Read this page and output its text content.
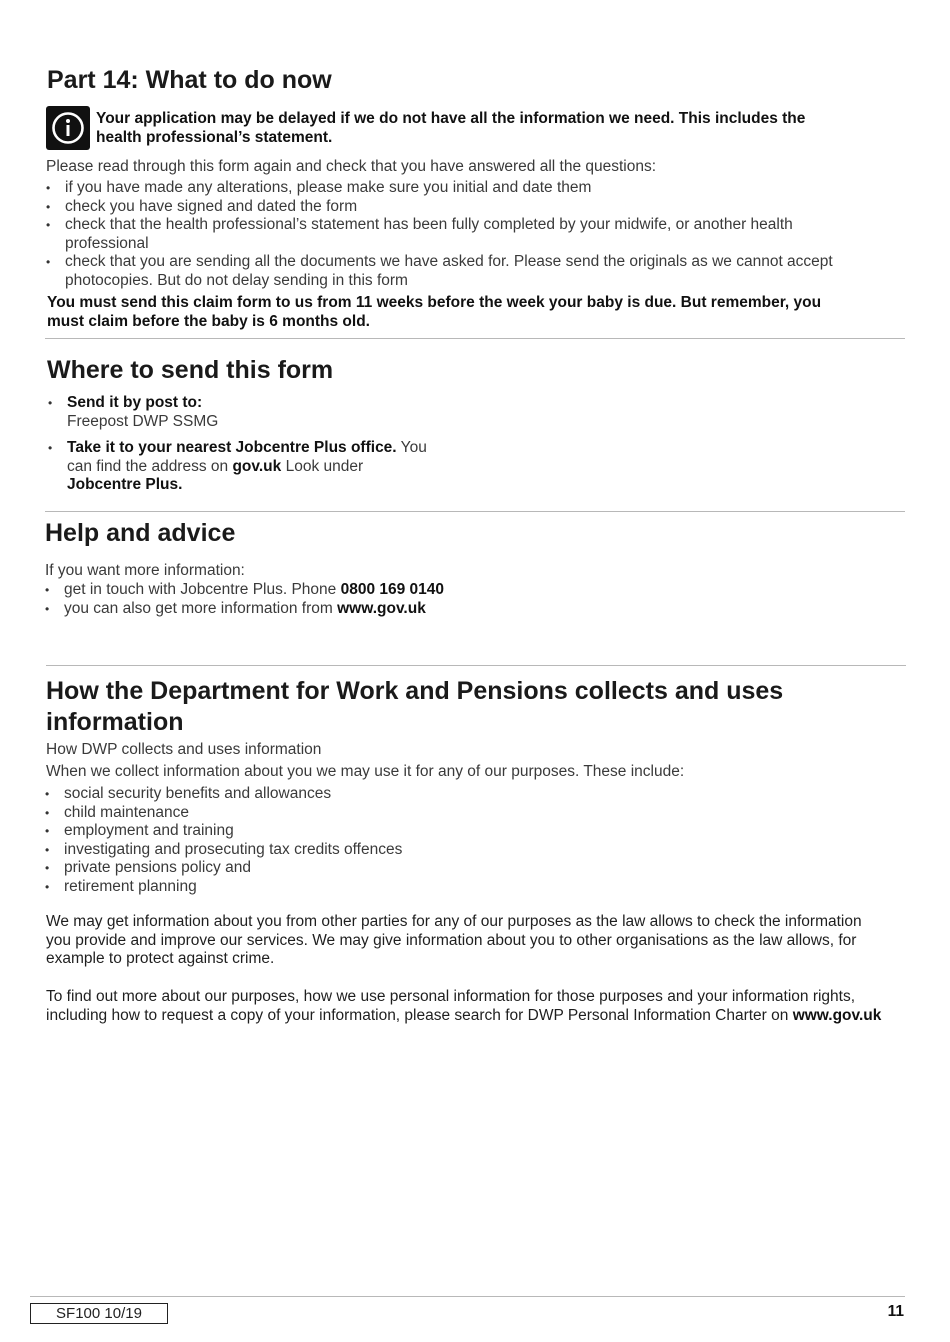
Part 14: What to do now
Your application may be delayed if we do not have all the information we need. This includes the health professional’s statement.
Please read through this form again and check that you have answered all the questions:
• if you have made any alterations, please make sure you initial and date them
• check you have signed and dated the form
• check that the health professional’s statement has been fully completed by your midwife, or another health professional
• check that you are sending all the documents we have asked for. Please send the originals as we cannot accept photocopies. But do not delay sending in this form
You must send this claim form to us from 11 weeks before the week your baby is due. But remember, you must claim before the baby is 6 months old.
Where to send this form
• Send it by post to:
Freepost DWP SSMG
• Take it to your nearest Jobcentre Plus office. You can find the address on gov.uk Look under
Jobcentre Plus.
Help and advice
If you want more information:
• get in touch with Jobcentre Plus. Phone 0800 169 0140
• you can also get more information from www.gov.uk
How the Department for Work and Pensions collects and uses information
How DWP collects and uses information
When we collect information about you we may use it for any of our purposes. These include:
• social security benefits and allowances
• child maintenance
• employment and training
• investigating and prosecuting tax credits offences
• private pensions policy and
• retirement planning
We may get information about you from other parties for any of our purposes as the law allows to check the information you provide and improve our services. We may give information about you to other organisations as the law allows, for example to protect against crime.
To find out more about our purposes, how we use personal information for those purposes and your information rights, including how to request a copy of your information, please search for DWP Personal Information Charter on www.gov.uk
SF100 10/19	11
